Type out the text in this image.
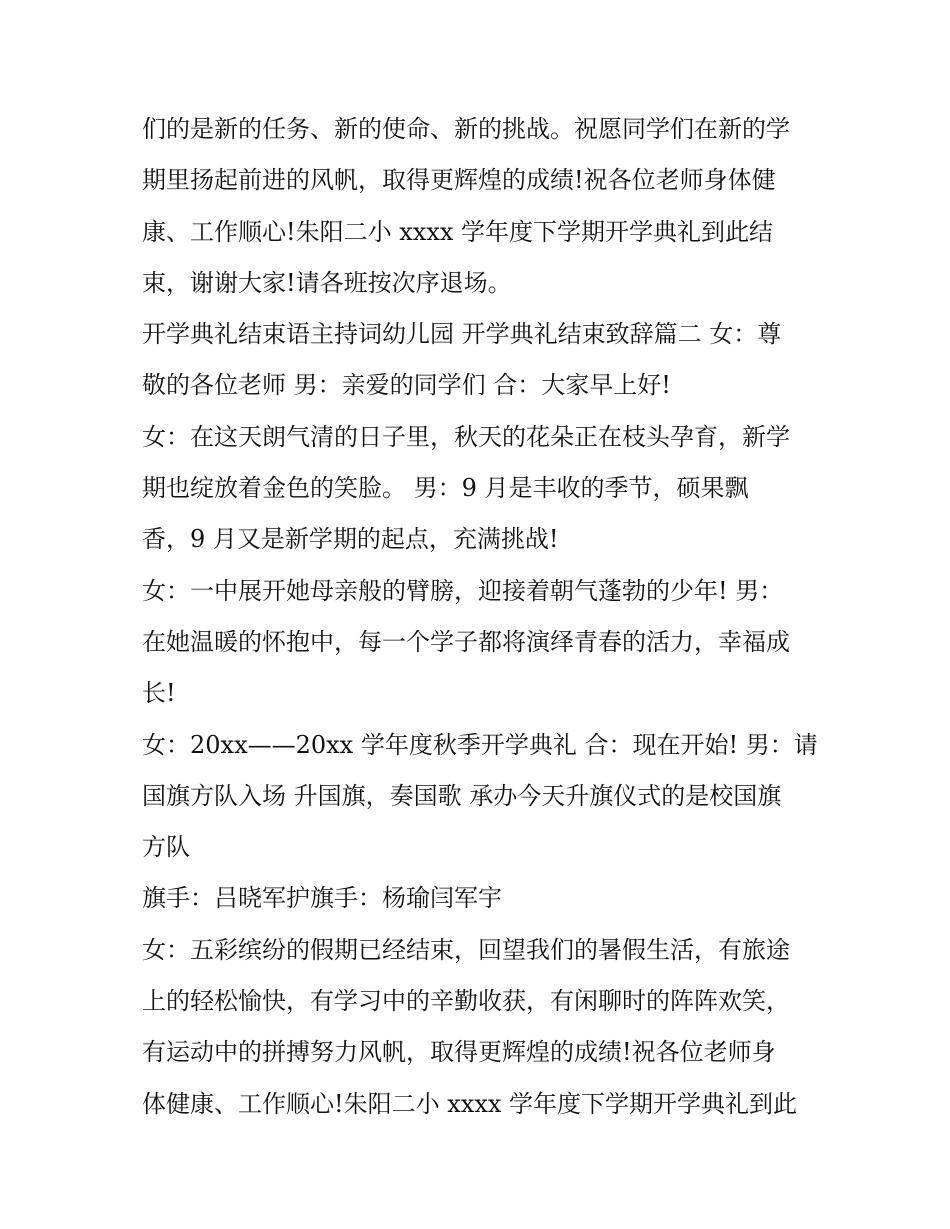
们的是新的任务、新的使命、新的挑战。祝愿同学们在新的学
期里扬起前进的风帆，取得更辉煌的成绩!祝各位老师身体健
康、工作顺心!朱阳二小 xxxx 学年度下学期开学典礼到此结
束，谢谢大家!请各班按次序退场。
开学典礼结束语主持词幼儿园 开学典礼结束致辞篇二 女：尊
敬的各位老师 男：亲爱的同学们 合：大家早上好!
女：在这天朗气清的日子里，秋天的花朵正在枝头孕育，新学
期也绽放着金色的笑脸。 男：9 月是丰收的季节，硕果飘
香，9 月又是新学期的起点，充满挑战!
女：一中展开她母亲般的臂膀，迎接着朝气蓬勃的少年! 男：
在她温暖的怀抱中，每一个学子都将演绎青春的活力，幸福成
长!
女：20xx——20xx 学年度秋季开学典礼 合：现在开始! 男：请
国旗方队入场 升国旗，奏国歌 承办今天升旗仪式的是校国旗
方队
旗手：吕晓军护旗手：杨瑜闫军宇
女：五彩缤纷的假期已经结束，回望我们的暑假生活，有旅途
上的轻松愉快，有学习中的辛勤收获，有闲聊时的阵阵欢笑，
有运动中的拼搏努力风帆，取得更辉煌的成绩!祝各位老师身
体健康、工作顺心!朱阳二小 xxxx 学年度下学期开学典礼到此
